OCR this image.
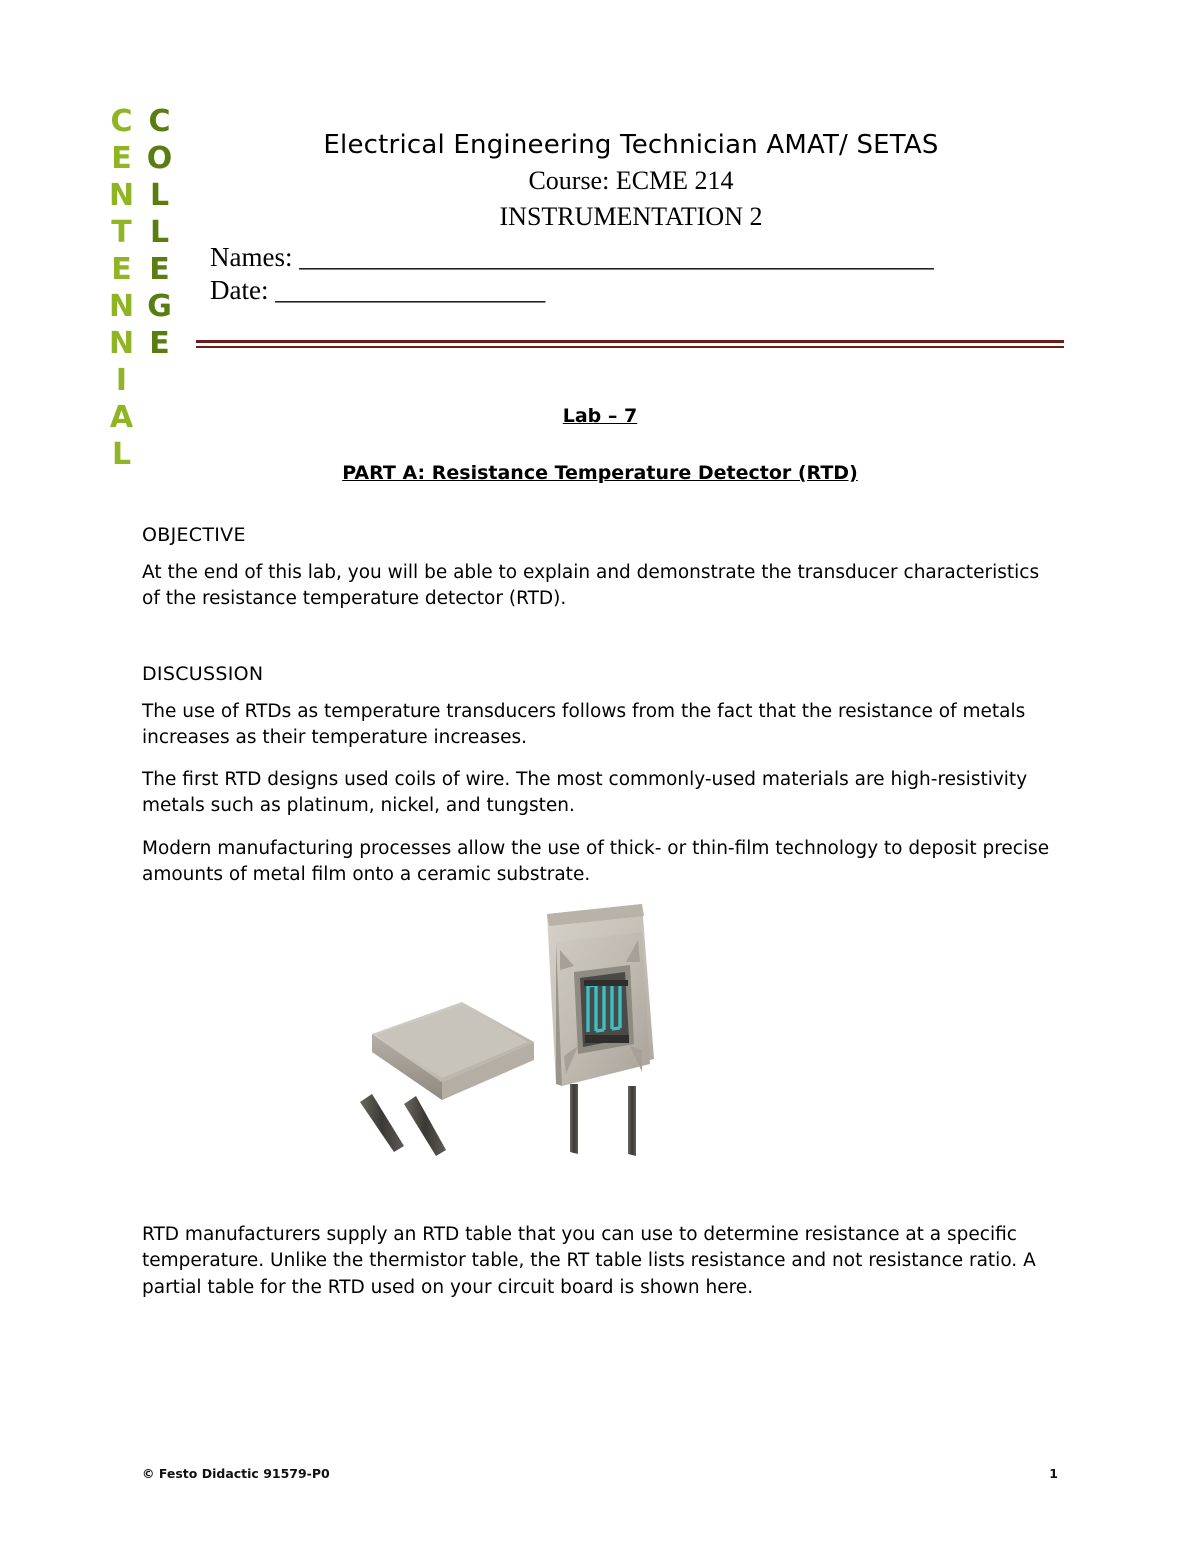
CENTENNIAL COLLEGE	Electrical Engineering Technician AMAT/ SETAS
Course: ECME 214
INSTRUMENTATION 2
Names: _______________________________________________
Date: ____________________
Lab – 7
PART A: Resistance Temperature Detector (RTD)
OBJECTIVE

At the end of this lab, you will be able to explain and demonstrate the transducer characteristics of the resistance temperature detector (RTD).

DISCUSSION

The use of RTDs as temperature transducers follows from the fact that the resistance of metals increases as their temperature increases.

The first RTD designs used coils of wire. The most commonly-used materials are high-resistivity metals such as platinum, nickel, and tungsten.

Modern manufacturing processes allow the use of thick- or thin-film technology to deposit precise amounts of metal film onto a ceramic substrate.

RTD manufacturers supply an RTD table that you can use to determine resistance at a specific temperature. Unlike the thermistor table, the RT table lists resistance and not resistance ratio. A partial table for the RTD used on your circuit board is shown here.

© Festo Didactic 91579-P0	1
